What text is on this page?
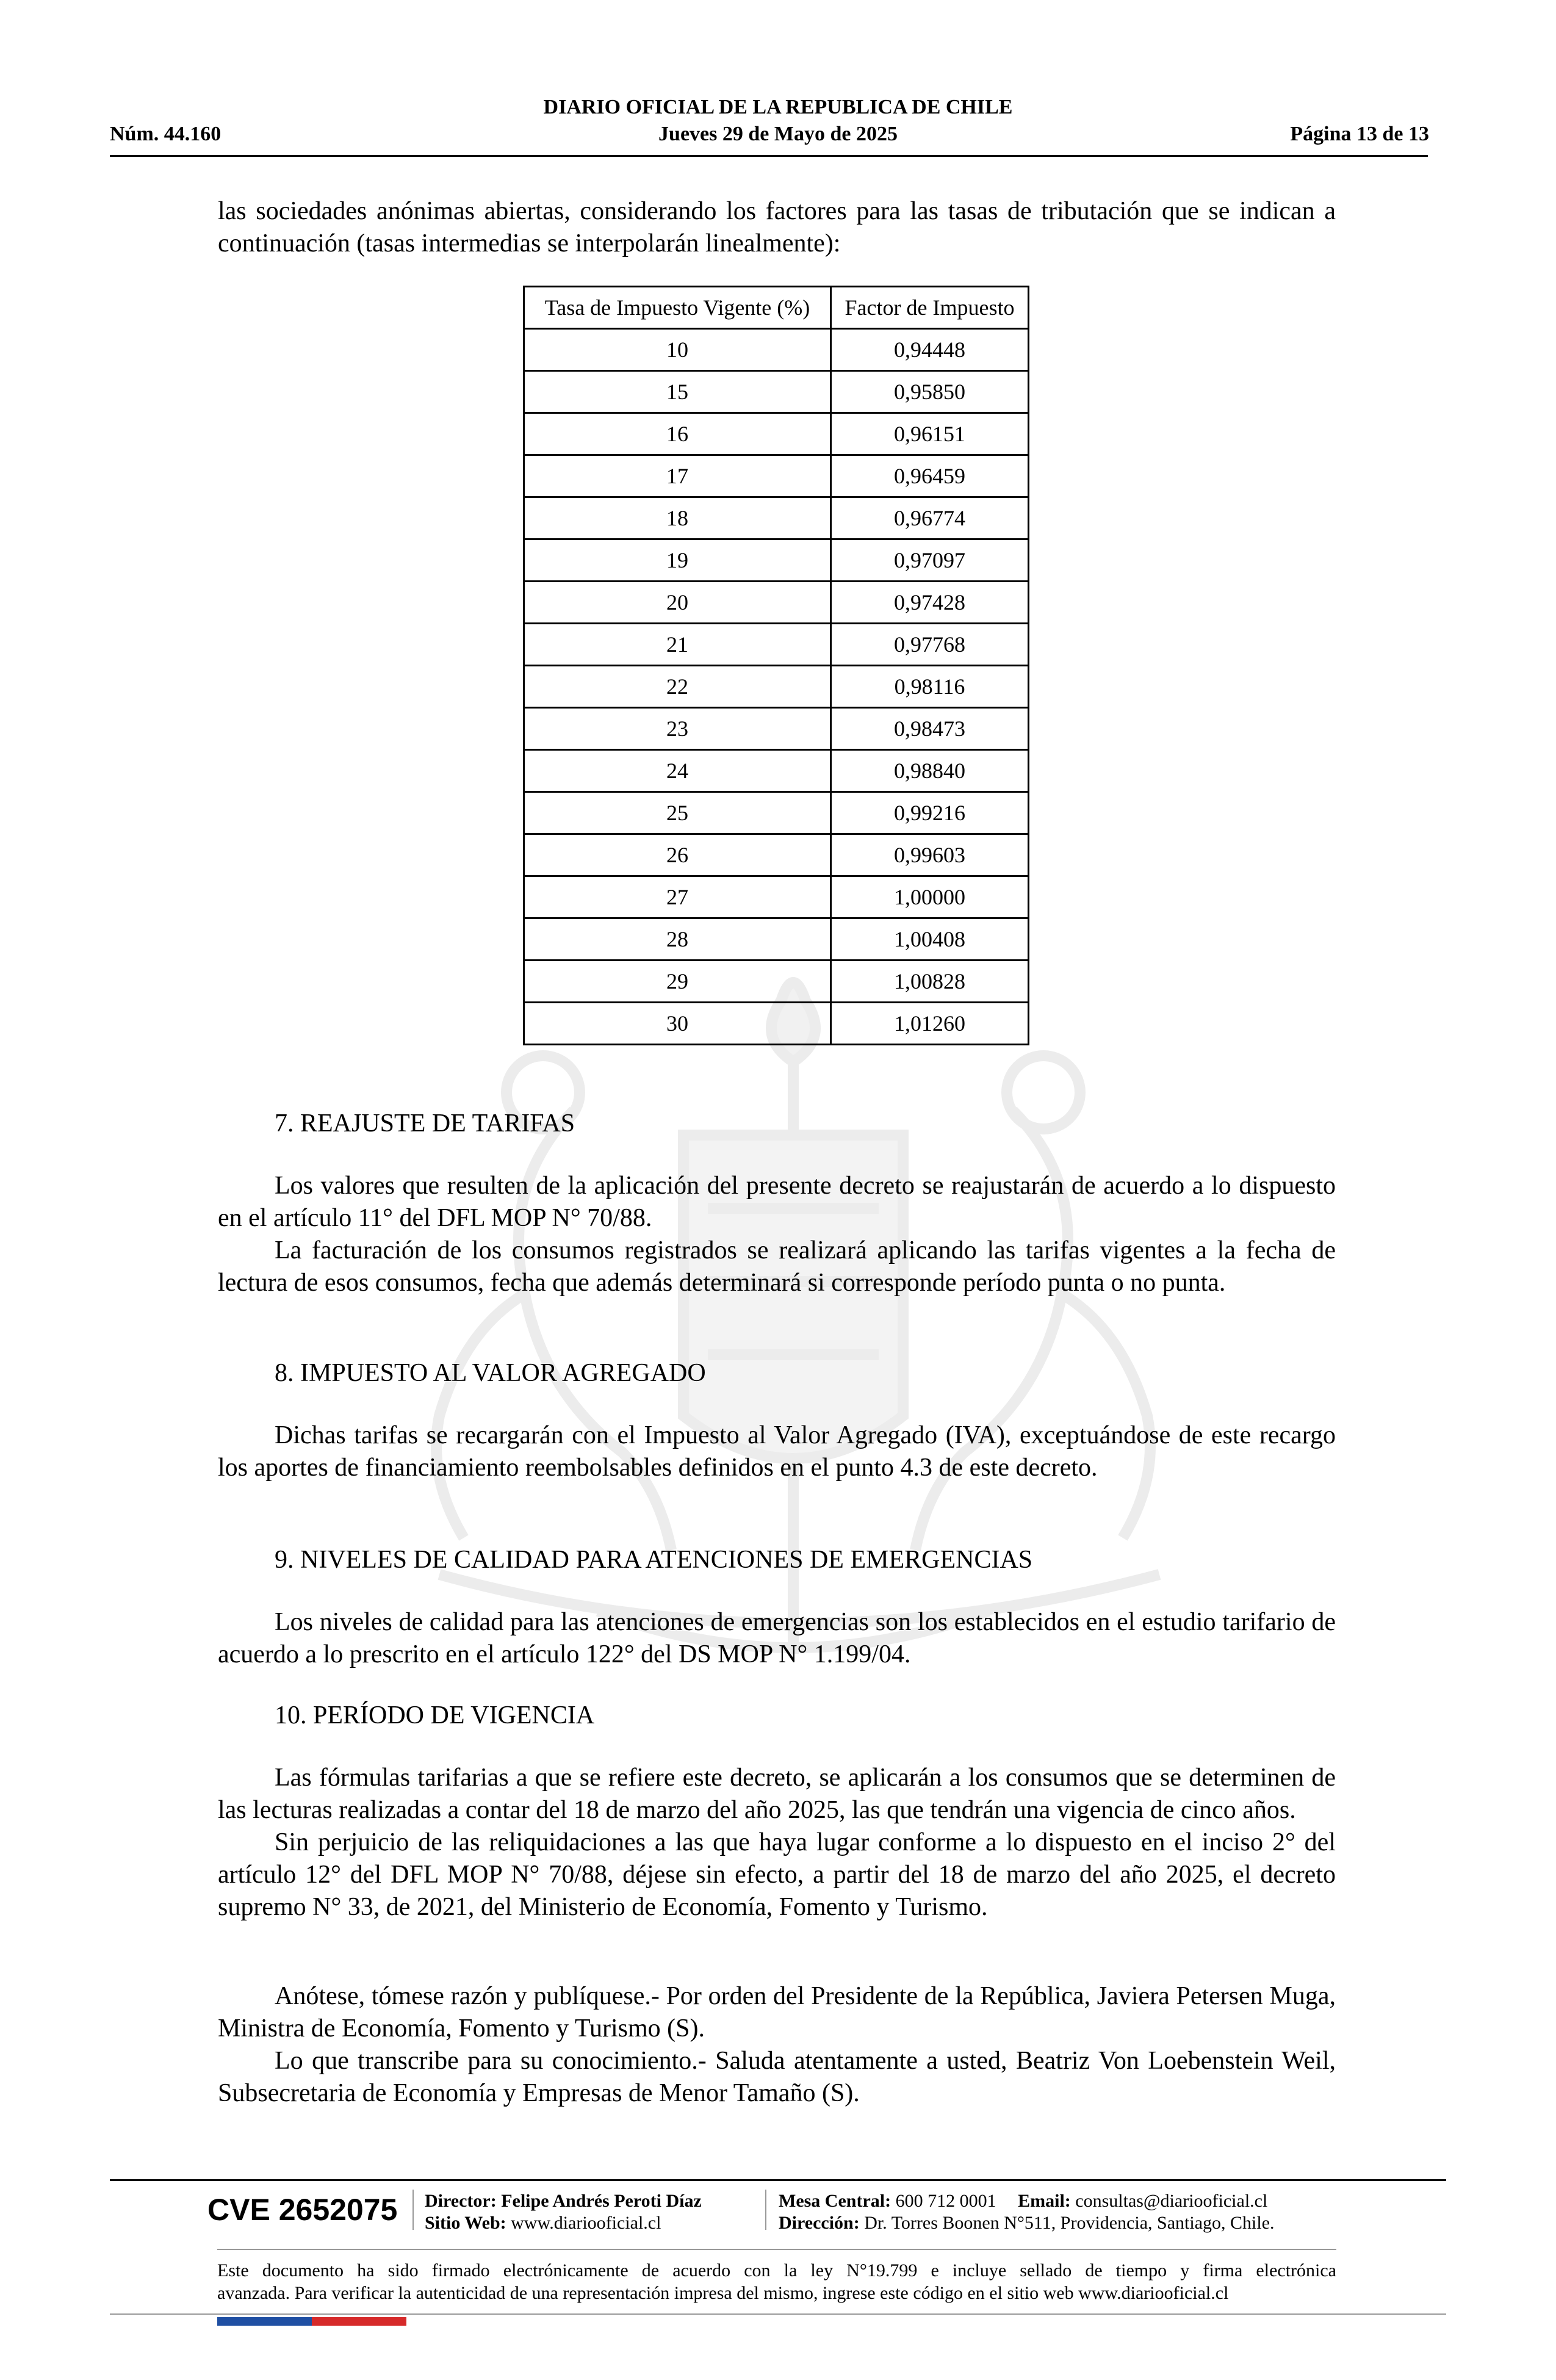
DIARIO OFICIAL DE LA REPUBLICA DE CHILE
Jueves 29 de Mayo de 2025
Núm. 44.160	Página 13 de 13
las sociedades anónimas abiertas, considerando los factores para las tasas de tributación que se indican a continuación (tasas intermedias se interpolarán linealmente):
Tasa de Impuesto Vigente (%)	Factor de Impuesto
10	0,94448
15	0,95850
16	0,96151
17	0,96459
18	0,96774
19	0,97097
20	0,97428
21	0,97768
22	0,98116
23	0,98473
24	0,98840
25	0,99216
26	0,99603
27	1,00000
28	1,00408
29	1,00828
30	1,01260
7. REAJUSTE DE TARIFAS

Los valores que resulten de la aplicación del presente decreto se reajustarán de acuerdo a lo dispuesto en el artículo 11° del DFL MOP N° 70/88.

La facturación de los consumos registrados se realizará aplicando las tarifas vigentes a la fecha de lectura de esos consumos, fecha que además determinará si corresponde período punta o no punta.

8. IMPUESTO AL VALOR AGREGADO

Dichas tarifas se recargarán con el Impuesto al Valor Agregado (IVA), exceptuándose de este recargo los aportes de financiamiento reembolsables definidos en el punto 4.3 de este decreto.

9. NIVELES DE CALIDAD PARA ATENCIONES DE EMERGENCIAS

Los niveles de calidad para las atenciones de emergencias son los establecidos en el estudio tarifario de acuerdo a lo prescrito en el artículo 122° del DS MOP N° 1.199/04.

10. PERÍODO DE VIGENCIA

Las fórmulas tarifarias a que se refiere este decreto, se aplicarán a los consumos que se determinen de las lecturas realizadas a contar del 18 de marzo del año 2025, las que tendrán una vigencia de cinco años.

Sin perjuicio de las reliquidaciones a las que haya lugar conforme a lo dispuesto en el inciso 2° del artículo 12° del DFL MOP N° 70/88, déjese sin efecto, a partir del 18 de marzo del año 2025, el decreto supremo N° 33, de 2021, del Ministerio de Economía, Fomento y Turismo.

Anótese, tómese razón y publíquese.- Por orden del Presidente de la República, Javiera Petersen Muga, Ministra de Economía, Fomento y Turismo (S).

Lo que transcribe para su conocimiento.- Saluda atentamente a usted, Beatriz Von Loebenstein Weil, Subsecretaria de Economía y Empresas de Menor Tamaño (S).

CVE 2652075 Director: Felipe Andrés Peroti Díaz
Sitio Web: www.diariooficial.cl
Mesa Central: 600 712 0001 Email: consultas@diariooficial.cl
Dirección: Dr. Torres Boonen N°511, Providencia, Santiago, Chile.
Este documento ha sido firmado electrónicamente de acuerdo con la ley N°19.799 e incluye sellado de tiempo y firma electrónica
avanzada. Para verificar la autenticidad de una representación impresa del mismo, ingrese este código en el sitio web www.diariooficial.cl
